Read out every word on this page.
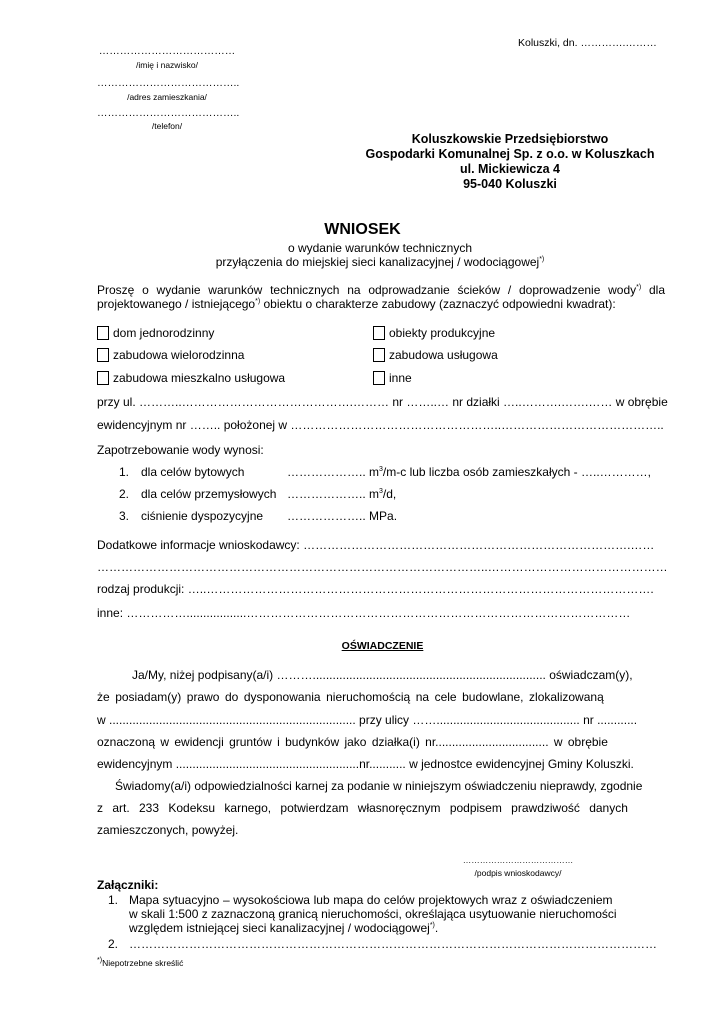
Koluszki, dn. ………….………
…………………………………
/imię i nazwisko/
…………………………………..
/adres zamieszkania/
…………………………………..
/telefon/
Koluszkowskie Przedsiębiorstwo
Gospodarki Komunalnej Sp. z o.o. w Koluszkach
ul. Mickiewicza 4
95-040 Koluszki
WNIOSEK
o wydanie warunków technicznych
przyłączenia do miejskiej sieci kanalizacyjnej / wodociągowej*)
Proszę o wydanie warunków technicznych na odprowadzanie ścieków / doprowadzenie wody*) dla projektowanego / istniejącego*) obiektu o charakterze zabudowy (zaznaczyć odpowiedni kwadrat):
dom jednorodzinny
zabudowa wielorodzinna
zabudowa mieszkalno usługowa
obiekty produkcyjne
zabudowa usługowa
inne
przy ul. ………..…………………………………….……… nr ……..… nr działki …..……….…….…… w obrębie
ewidencyjnym nr …….. położonej w ……………………………………………..…………………………………..
Zapotrzebowanie wody wynosi:
1. dla celów bytowych	……………….. $m^3/m-c$ lub liczba osób zamieszkałych - …..…………,
2. dla celów przemysłowych ……………….. $m^3/d$,
3. ciśnienie dyspozycyjne ……………….. MPa.
Dodatkowe informacje wnioskodawcy: ……………………………………………………………………….……
……………………………………………………………………………………..………………………………………
rodzaj produkcji: …..………………………………………………………………………………………………….
inne: ……………..................……………………………………………………………………………………
OŚWIADCZENIE
Ja/My, niżej podpisany(a/i) ………...................................................................... oświadczam(y),
że posiadam(y) prawo do dysponowania nieruchomością na cele budowlane, zlokalizowaną
w .......................................................................... przy ulicy ……........................................... nr ............
oznaczoną w ewidencji gruntów i budynków jako działka(i) nr.................................. w obrębie
ewidencyjnym .......................................................nr........... w jednostce ewidencyjnej Gminy Koluszki.
Świadomy(a/i) odpowiedzialności karnej za podanie w niniejszym oświadczeniu nieprawdy, zgodnie
z art. 233 Kodeksu karnego, potwierdzam własnoręcznym podpisem prawdziwość danych
zamieszczonych, powyżej.
…………………………………
/podpis wnioskodawcy/
Załączniki:
1. Mapa sytuacyjno – wysokościowa lub mapa do celów projektowych wraz z oświadczeniem
w skali 1:500 z zaznaczoną granicą nieruchomości, określająca usytuowanie nieruchomości
względem istniejącej sieci kanalizacyjnej / wodociągowej*).
2. ……………………………………………………………………………………………………………………
*)Niepotrzebne skreślić
